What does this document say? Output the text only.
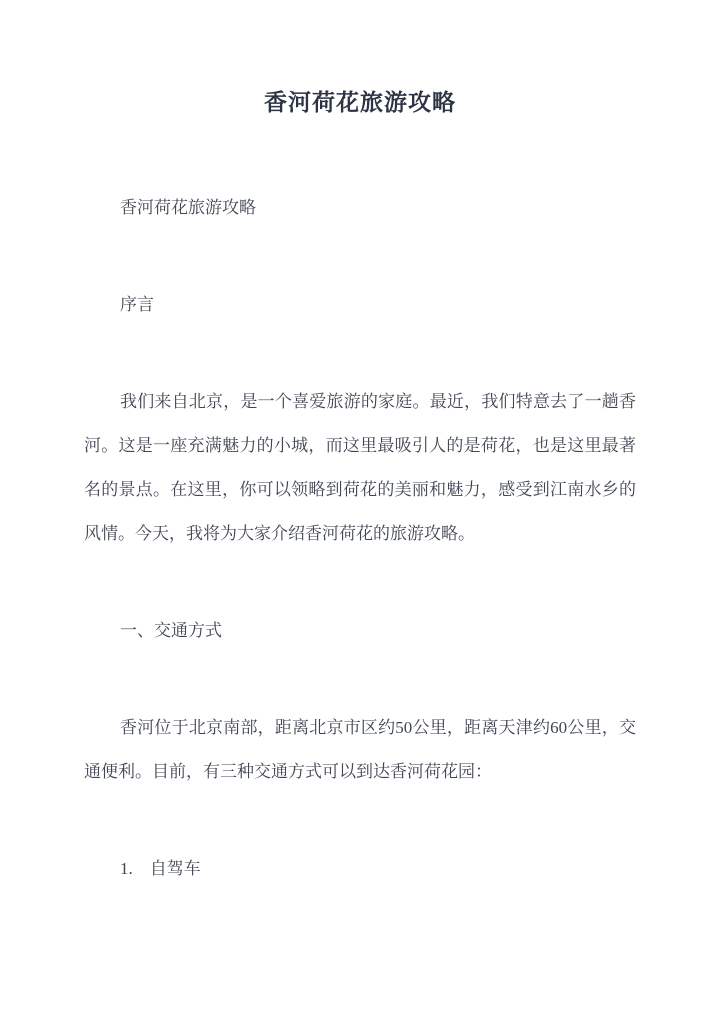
香河荷花旅游攻略

香河荷花旅游攻略

序言

我们来自北京，是一个喜爱旅游的家庭。最近，我们特意去了一趟香河。这是一座充满魅力的小城，而这里最吸引人的是荷花，也是这里最著名的景点。在这里，你可以领略到荷花的美丽和魅力，感受到江南水乡的风情。今天，我将为大家介绍香河荷花的旅游攻略。

一、交通方式

香河位于北京南部，距离北京市区约50公里，距离天津约60公里，交通便利。目前，有三种交通方式可以到达香河荷花园：

1.　自驾车
